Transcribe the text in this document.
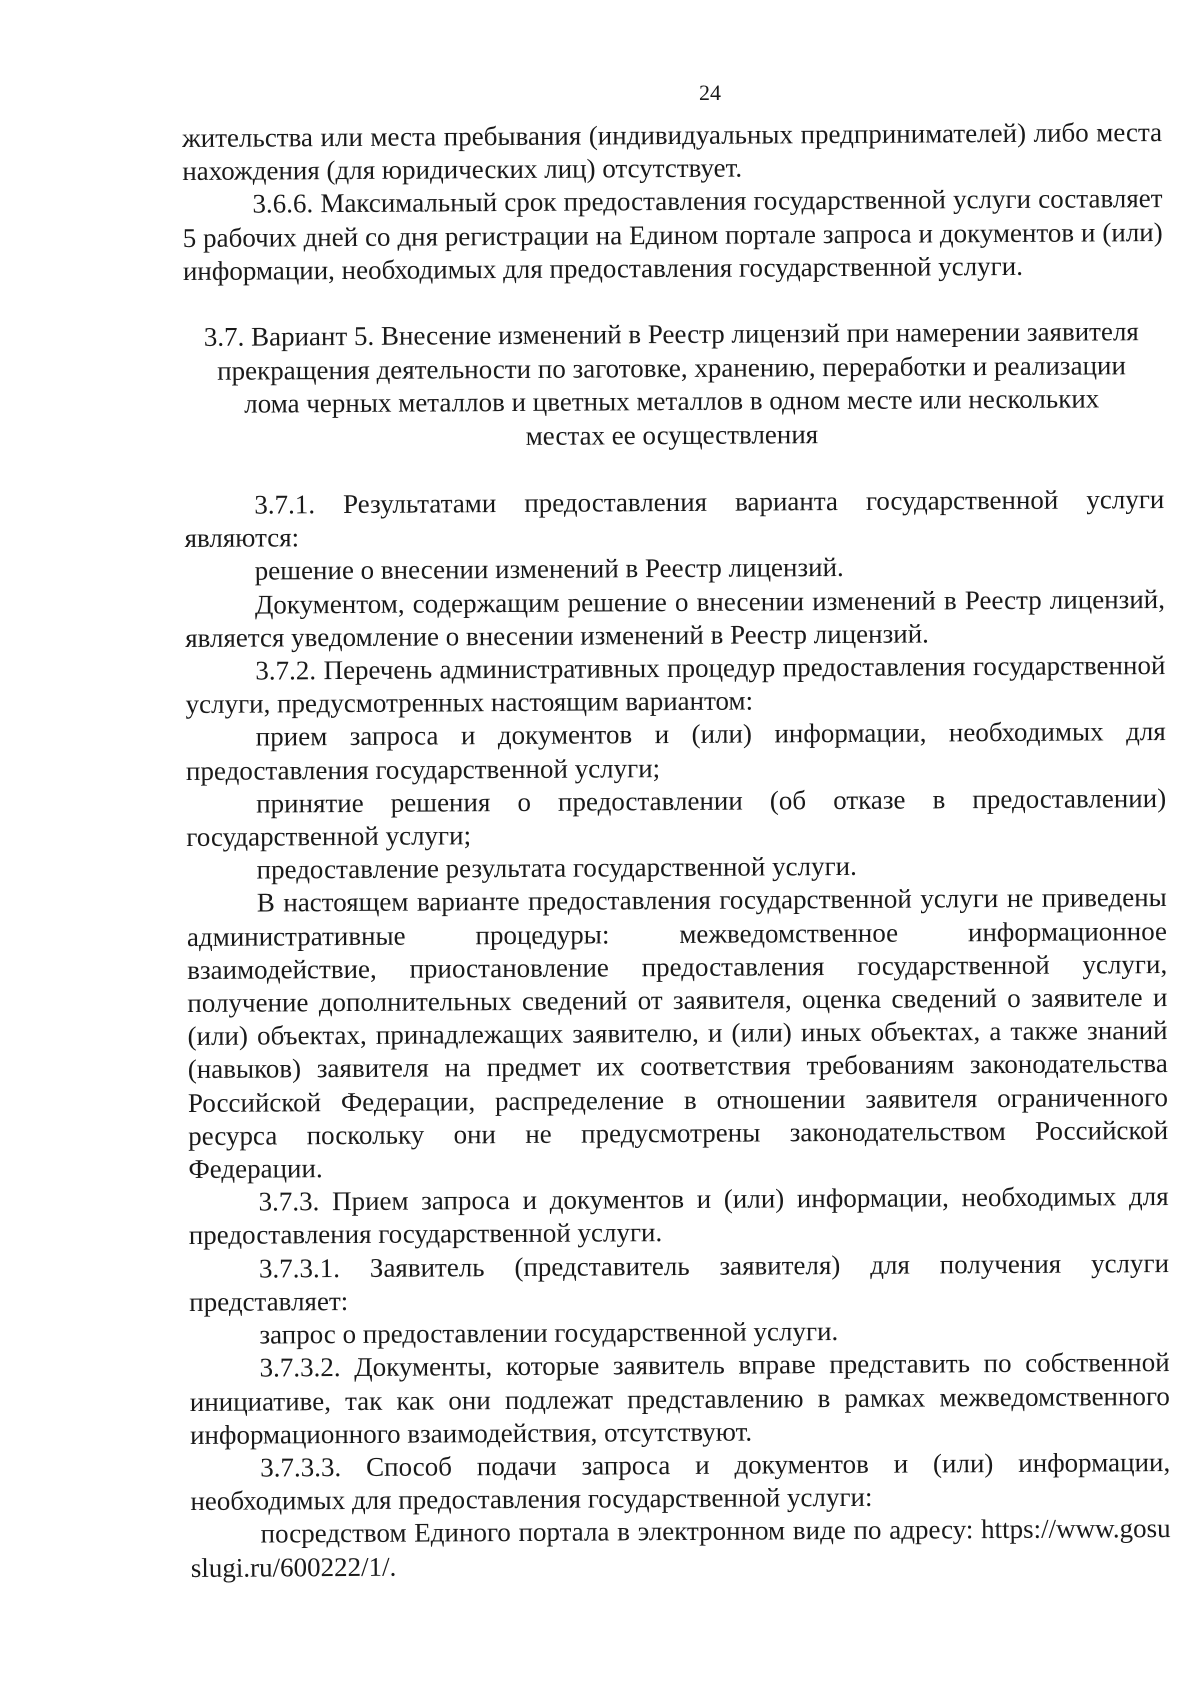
24

жительства или места пребывания (индивидуальных предпринимателей) либо места нахождения (для юридических лиц) отсутствует.

3.6.6. Максимальный срок предоставления государственной услуги составляет 5 рабочих дней со дня регистрации на Едином портале запроса и документов и (или) информации, необходимых для предоставления государственной услуги.

3.7. Вариант 5. Внесение изменений в Реестр лицензий при намерении заявителя прекращения деятельности по заготовке, хранению, переработки и реализации лома черных металлов и цветных металлов в одном месте или нескольких местах ее осуществления

3.7.1. Результатами предоставления варианта государственной услуги являются:

решение о внесении изменений в Реестр лицензий.

Документом, содержащим решение о внесении изменений в Реестр лицензий, является уведомление о внесении изменений в Реестр лицензий.

3.7.2. Перечень административных процедур предоставления государственной услуги, предусмотренных настоящим вариантом:

прием запроса и документов и (или) информации, необходимых для предоставления государственной услуги;

принятие решения о предоставлении (об отказе в предоставлении) государственной услуги;

предоставление результата государственной услуги.

В настоящем варианте предоставления государственной услуги не приведены административные процедуры: межведомственное информационное взаимодействие, приостановление предоставления государственной услуги, получение дополнительных сведений от заявителя, оценка сведений о заявителе и (или) объектах, принадлежащих заявителю, и (или) иных объектах, а также знаний (навыков) заявителя на предмет их соответствия требованиям законодательства Российской Федерации, распределение в отношении заявителя ограниченного ресурса поскольку они не предусмотрены законодательством Российской Федерации.

3.7.3. Прием запроса и документов и (или) информации, необходимых для предоставления государственной услуги.

3.7.3.1. Заявитель (представитель заявителя) для получения услуги представляет:

запрос о предоставлении государственной услуги.

3.7.3.2. Документы, которые заявитель вправе представить по собственной инициативе, так как они подлежат представлению в рамках межведомственного информационного взаимодействия, отсутствуют.

3.7.3.3. Способ подачи запроса и документов и (или) информации, необходимых для предоставления государственной услуги:

посредством Единого портала в электронном виде по адресу: https://www.gosuslugi.ru/600222/1/.
